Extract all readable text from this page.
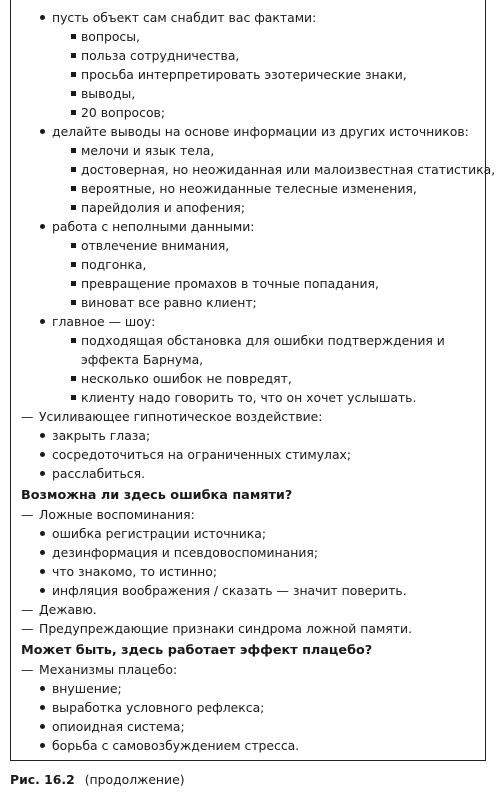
пусть объект сам снабдит вас фактами:
вопросы,
польза сотрудничества,
просьба интерпретировать эзотерические знаки,
выводы,
20 вопросов;
делайте выводы на основе информации из других источников:
мелочи и язык тела,
достоверная, но неожиданная или малоизвестная статистика,
вероятные, но неожиданные телесные изменения,
парейдолия и апофения;
работа с неполными данными:
отвлечение внимания,
подгонка,
превращение промахов в точные попадания,
виноват все равно клиент;
главное — шоу:
подходящая обстановка для ошибки подтверждения и эффекта Барнума,
несколько ошибок не повредят,
клиенту надо говорить то, что он хочет услышать.
— Усиливающее гипнотическое воздействие:
закрыть глаза;
сосредоточиться на ограниченных стимулах;
расслабиться.
Возможна ли здесь ошибка памяти?
— Ложные воспоминания:
ошибка регистрации источника;
дезинформация и псевдовоспоминания;
что знакомо, то истинно;
инфляция воображения / сказать — значит поверить.
— Дежавю.
— Предупреждающие признаки синдрома ложной памяти.
Может быть, здесь работает эффект плацебо?
— Механизмы плацебо:
внушение;
выработка условного рефлекса;
опиоидная система;
борьба с самовозбуждением стресса.
Рис. 16.2 (продолжение)
